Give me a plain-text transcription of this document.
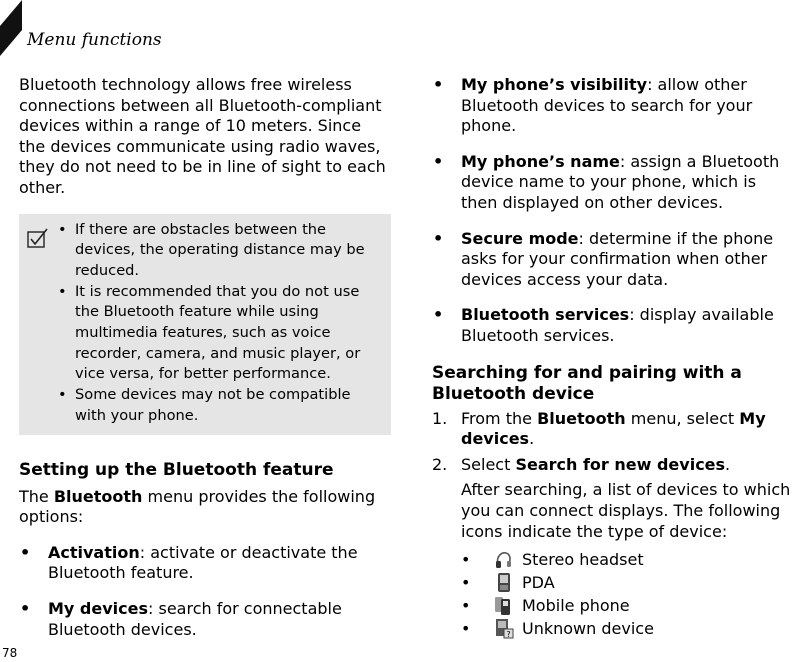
Menu functions

Bluetooth technology allows free wireless connections between all Bluetooth-compliant devices within a range of 10 meters. Since the devices communicate using radio waves, they do not need to be in line of sight to each other.

• If there are obstacles between the devices, the operating distance may be reduced.
• It is recommended that you do not use the Bluetooth feature while using multimedia features, such as voice recorder, camera, and music player, or vice versa, for better performance.
• Some devices may not be compatible with your phone.
Setting up the Bluetooth feature

The Bluetooth menu provides the following options:

• Activation: activate or deactivate the Bluetooth feature.
• My devices: search for connectable Bluetooth devices.
• My phone’s visibility: allow other Bluetooth devices to search for your phone.
• My phone’s name: assign a Bluetooth device name to your phone, which is then displayed on other devices.
• Secure mode: determine if the phone asks for your confirmation when other devices access your data.
• Bluetooth services: display available Bluetooth services.
Searching for and pairing with a Bluetooth device
1. From the Bluetooth menu, select My devices.
2. Select Search for new devices.

After searching, a list of devices to which you can connect displays. The following icons indicate the type of device:

• Stereo headset
• PDA
• Mobile phone
• ? Unknown device
78
